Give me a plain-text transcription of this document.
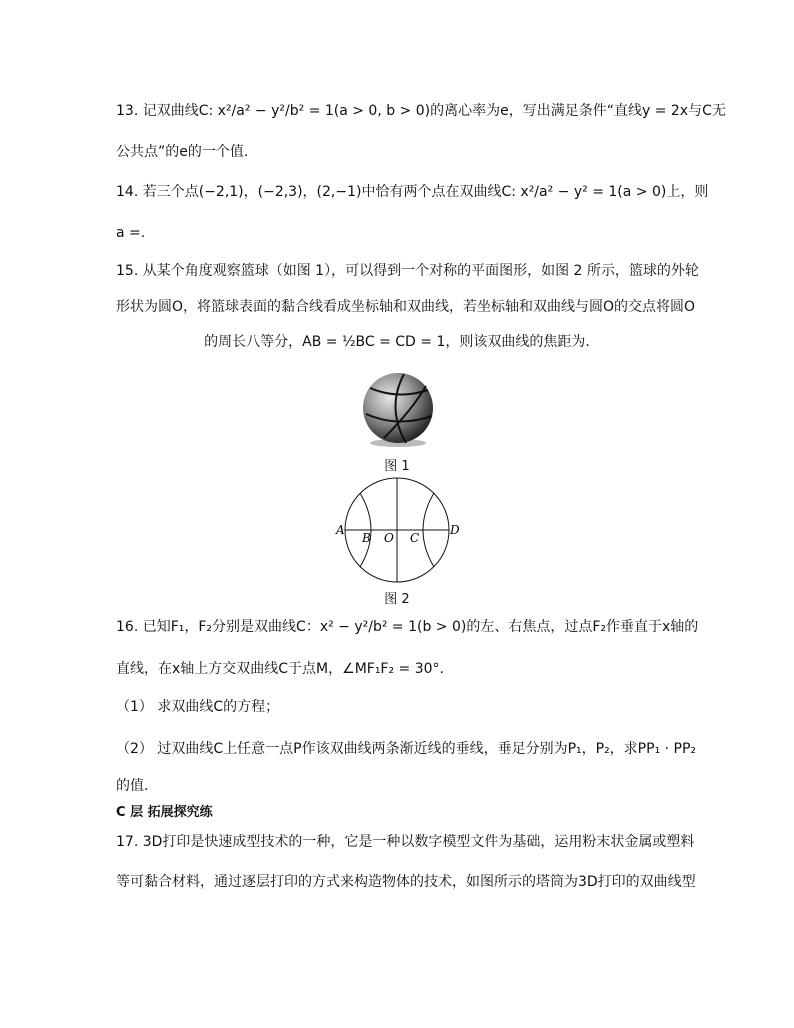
13. 记双曲线C: x²/a² − y²/b² = 1(a > 0, b > 0)的离心率为e，写出满足条件“直线y = 2x与C无
公共点”的e的一个值.
14. 若三个点(−2,1)，(−2,3)，(2,−1)中恰有两个点在双曲线C: x²/a² − y² = 1(a > 0)上，则
a =.
15. 从某个角度观察篮球（如图 1），可以得到一个对称的平面图形，如图 2 所示，篮球的外轮
形状为圆O，将篮球表面的黏合线看成坐标轴和双曲线，若坐标轴和双曲线与圆O的交点将圆O
的周长八等分，AB = ½BC = CD = 1，则该双曲线的焦距为.
图 1
A
B O C
D
图 2
16. 已知F₁，F₂分别是双曲线C：x² − y²/b² = 1(b > 0)的左、右焦点，过点F₂作垂直于x轴的
直线，在x轴上方交双曲线C于点M，∠MF₁F₂ = 30°.
（1） 求双曲线C的方程；
（2） 过双曲线C上任意一点P作该双曲线两条渐近线的垂线，垂足分别为P₁，P₂，求PP₁ · PP₂
的值.
C 层 拓展探究练
17. 3D打印是快速成型技术的一种，它是一种以数字模型文件为基础，运用粉末状金属或塑料
等可黏合材料，通过逐层打印的方式来构造物体的技术，如图所示的塔筒为3D打印的双曲线型
